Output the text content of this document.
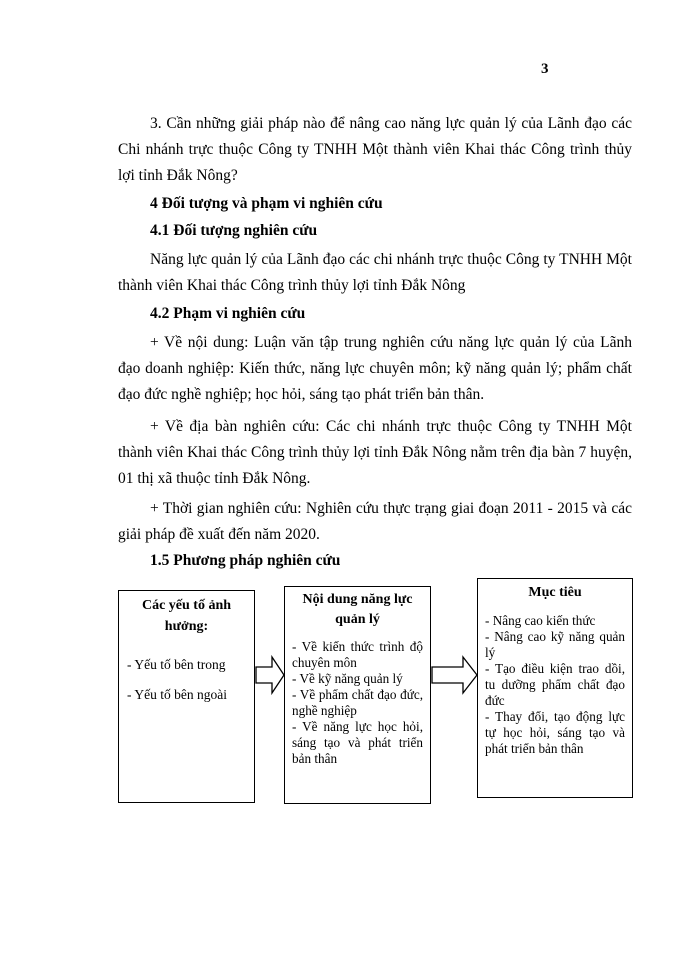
3

3. Cần những giải pháp nào để nâng cao năng lực quản lý của Lãnh đạo các Chi nhánh trực thuộc Công ty TNHH Một thành viên Khai thác Công trình thủy lợi tỉnh Đắk Nông?

4 Đối tượng và phạm vi nghiên cứu

4.1 Đối tượng nghiên cứu

Năng lực quản lý của Lãnh đạo các chi nhánh trực thuộc Công ty TNHH Một thành viên Khai thác Công trình thủy lợi tỉnh Đắk Nông

4.2 Phạm vi nghiên cứu

+ Về nội dung: Luận văn tập trung nghiên cứu năng lực quản lý của Lãnh đạo doanh nghiệp: Kiến thức, năng lực chuyên môn; kỹ năng quản lý; phẩm chất đạo đức nghề nghiệp; học hỏi, sáng tạo phát triển bản thân.

+ Về địa bàn nghiên cứu: Các chi nhánh trực thuộc Công ty TNHH Một thành viên Khai thác Công trình thủy lợi tỉnh Đắk Nông nằm trên địa bàn 7 huyện, 01 thị xã thuộc tỉnh Đắk Nông.

+ Thời gian nghiên cứu: Nghiên cứu thực trạng giai đoạn 2011 - 2015 và các giải pháp đề xuất đến năm 2020.

1.5 Phương pháp nghiên cứu

Các yếu tố ảnh hưởng:
- Yếu tố bên trong
- Yếu tố bên ngoài
Nội dung năng lực quản lý
- Về kiến thức trình độ chuyên môn
- Về kỹ năng quản lý
- Về phẩm chất đạo đức, nghề nghiệp
- Về năng lực học hỏi, sáng tạo và phát triển bản thân
Mục tiêu
- Nâng cao kiến thức
- Nâng cao kỹ năng quản lý
- Tạo điều kiện trao dồi, tu dưỡng phẩm chất đạo đức
- Thay đổi, tạo động lực tự học hỏi, sáng tạo và phát triển bản thân
